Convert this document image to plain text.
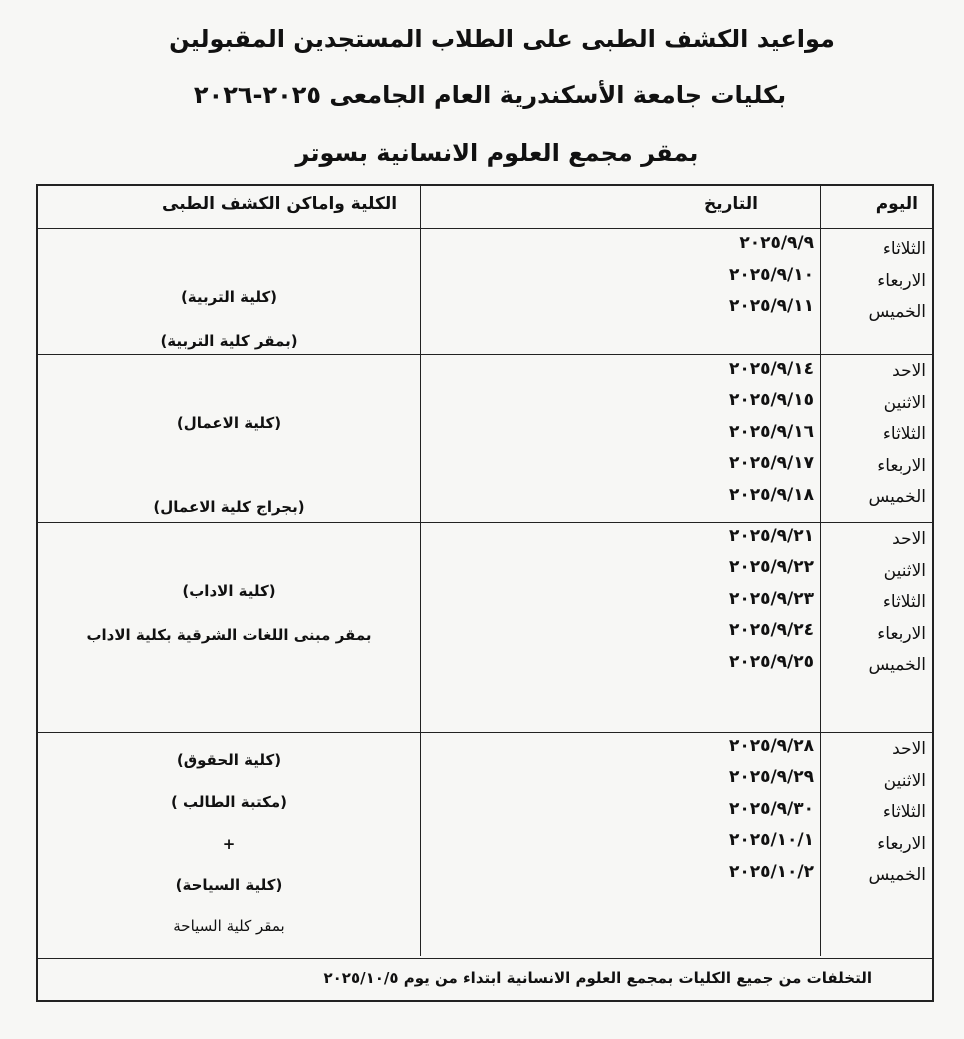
مواعيد الكشف الطبى على الطلاب المستجدين المقبولين
بكليات جامعة الأسكندرية العام الجامعى ٢٠٢٥-٢٠٢٦
بمقر مجمع العلوم الانسانية بسوتر
اليوم
التاريخ
الكلية واماكن الكشف الطبى
الثلاثاء
الاربعاء
الخميس
٢٠٢٥/٩/٩
٢٠٢٥/٩/١٠
٢٠٢٥/٩/١١
(كلية التربية)
(بمقر كلية التربية)
الاحد
الاثنين
الثلاثاء
الاربعاء
الخميس
٢٠٢٥/٩/١٤
٢٠٢٥/٩/١٥
٢٠٢٥/٩/١٦
٢٠٢٥/٩/١٧
٢٠٢٥/٩/١٨
(كلية الاعمال)
(بجراج كلية الاعمال)
الاحد
الاثنين
الثلاثاء
الاربعاء
الخميس
٢٠٢٥/٩/٢١
٢٠٢٥/٩/٢٢
٢٠٢٥/٩/٢٣
٢٠٢٥/٩/٢٤
٢٠٢٥/٩/٢٥
(كلية الاداب)
بمقر مبنى اللغات الشرقية بكلية الاداب
الاحد
الاثنين
الثلاثاء
الاربعاء
الخميس
٢٠٢٥/٩/٢٨
٢٠٢٥/٩/٢٩
٢٠٢٥/٩/٣٠
٢٠٢٥/١٠/١
٢٠٢٥/١٠/٢
(كلية الحقوق)
(مكتبة الطالب )
+
(كلية السياحة)
بمقر كلية السياحة
التخلفات من جميع الكليات بمجمع العلوم الانسانية ابتداء من يوم ٢٠٢٥/١٠/٥
